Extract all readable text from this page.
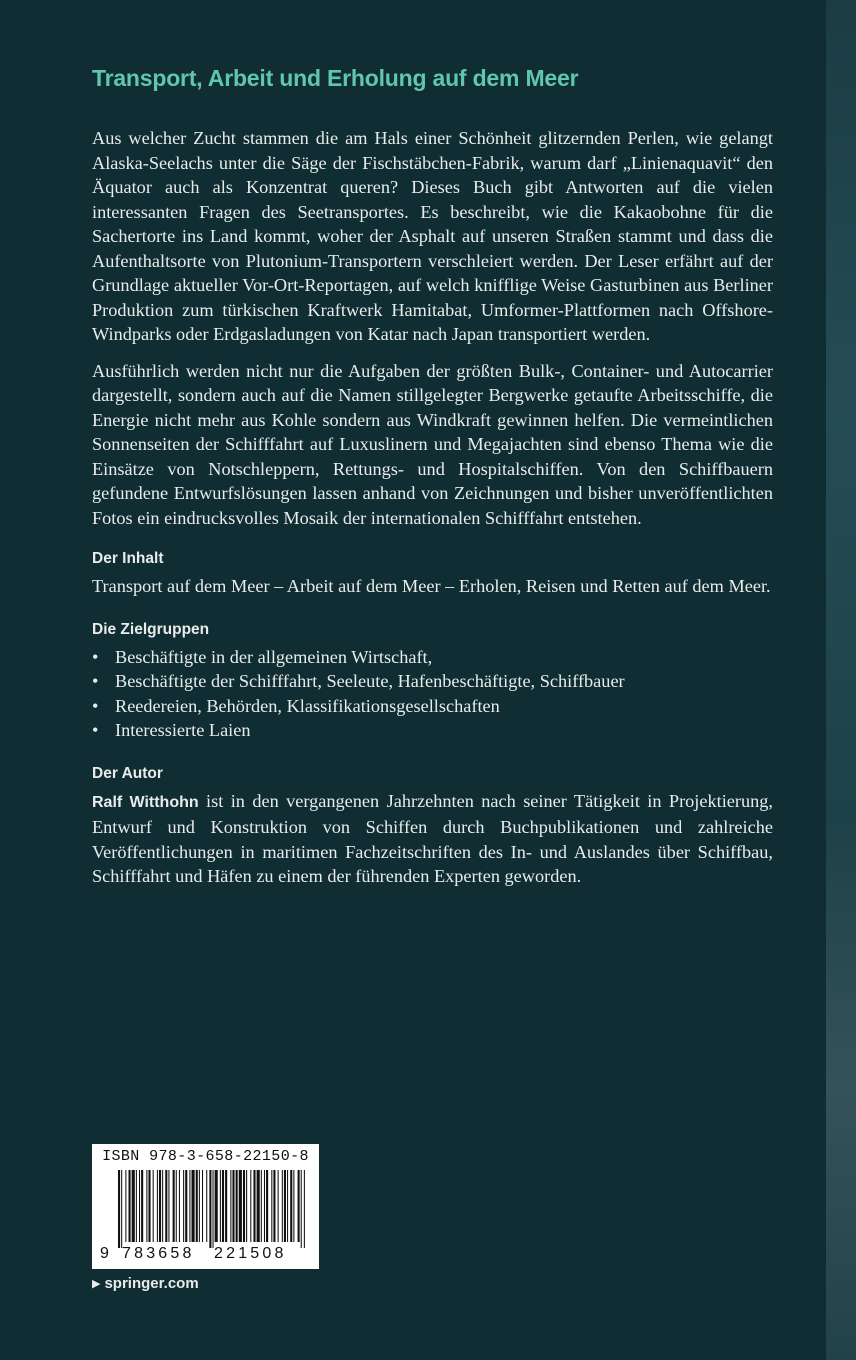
Transport, Arbeit und Erholung auf dem Meer

Aus welcher Zucht stammen die am Hals einer Schönheit glitzernden Perlen, wie gelangt Alaska-Seelachs unter die Säge der Fischstäbchen-Fabrik, warum darf „Linienaquavit“ den Äquator auch als Konzentrat queren? Dieses Buch gibt Antworten auf die vielen interessanten Fragen des Seetransportes. Es beschreibt, wie die Kakaobohne für die Sachertorte ins Land kommt, woher der Asphalt auf unseren Straßen stammt und dass die Aufenthaltsorte von Plutonium-Transportern verschleiert werden. Der Leser erfährt auf der Grundlage aktueller Vor-Ort-Reportagen, auf welch knifflige Weise Gasturbinen aus Berliner Produktion zum türkischen Kraftwerk Hamitabat, Umformer-Plattformen nach Offshore-Windparks oder Erdgasladungen von Katar nach Japan transportiert werden.

Ausführlich werden nicht nur die Aufgaben der größten Bulk-, Container- und Autocarrier dargestellt, sondern auch auf die Namen stillgelegter Bergwerke getaufte Arbeitsschiffe, die Energie nicht mehr aus Kohle sondern aus Windkraft gewinnen helfen. Die vermeintlichen Sonnenseiten der Schifffahrt auf Luxuslinern und Megajachten sind ebenso Thema wie die Einsätze von Notschleppern, Rettungs- und Hospitalschiffen. Von den Schiffbauern gefundene Entwurfslösungen lassen anhand von Zeichnungen und bisher unveröffentlichten Fotos ein eindrucksvolles Mosaik der internationalen Schifffahrt entstehen.

Der Inhalt

Transport auf dem Meer – Arbeit auf dem Meer – Erholen, Reisen und Retten auf dem Meer.

Die Zielgruppen
• Beschäftigte in der allgemeinen Wirtschaft,
• Beschäftigte der Schifffahrt, Seeleute, Hafenbeschäftigte, Schiffbauer
• Reedereien, Behörden, Klassifikationsgesellschaften
• Interessierte Laien
Der Autor

Ralf Witthohn ist in den vergangenen Jahrzehnten nach seiner Tätigkeit in Projektierung, Entwurf und Konstruktion von Schiffen durch Buchpublikationen und zahlreiche Veröffentlichungen in maritimen Fachzeitschriften des In- und Auslandes über Schiffbau, Schifffahrt und Häfen zu einem der führenden Experten geworden.

ISBN 978-3-658-22150-8
9 783658 221508
▶ springer.com
